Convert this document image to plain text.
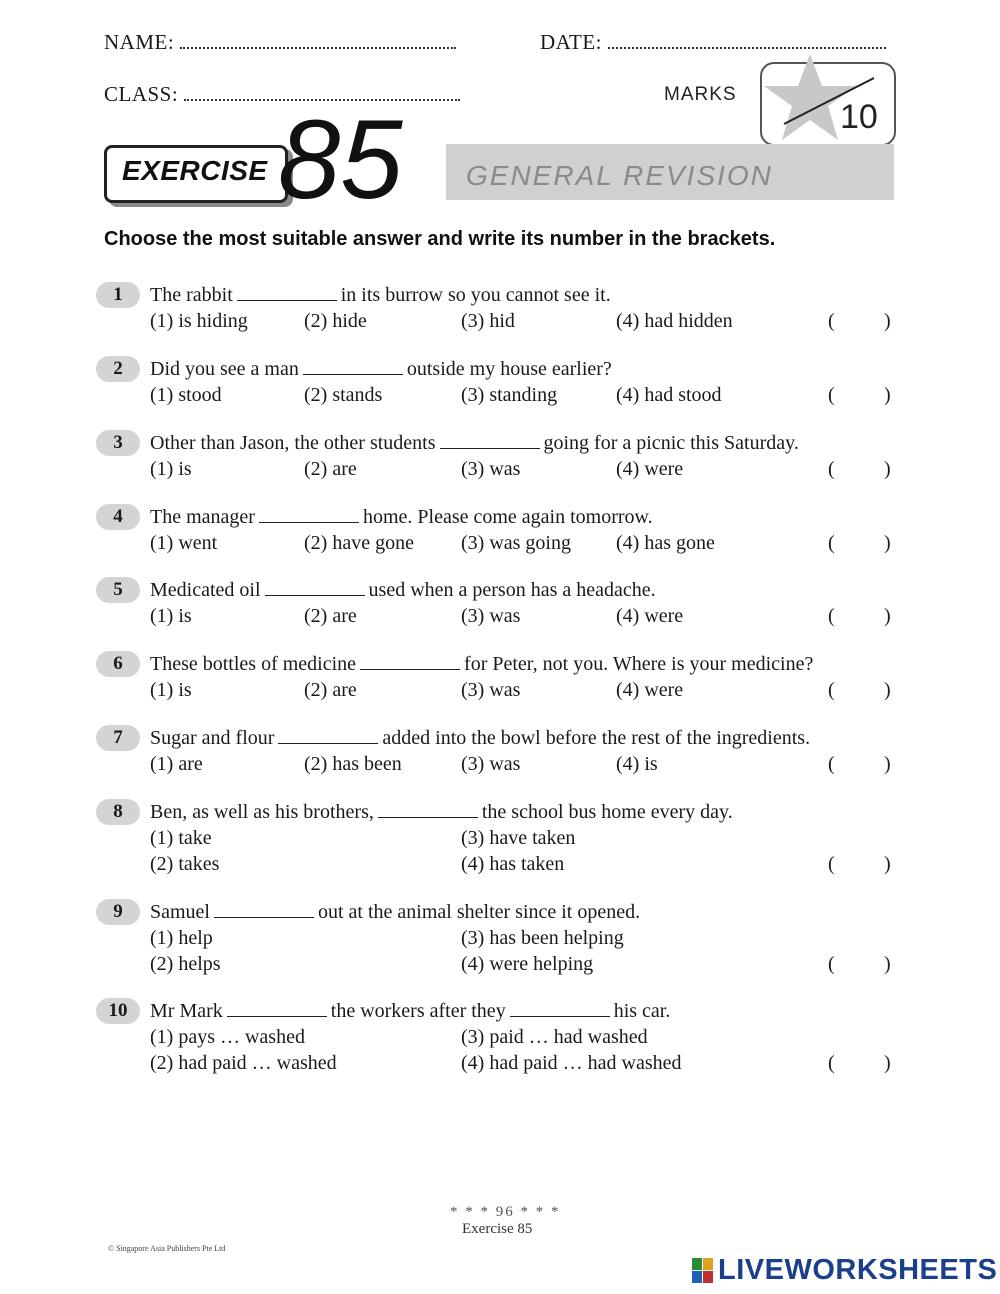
NAME:	DATE:
CLASS:	MARKS
10
EXERCISE 85 GENERAL REVISION
Choose the most suitable answer and write its number in the brackets.
1	The rabbit	in its burrow so you cannot see it.
(1) is hiding	(2) hide	(3) hid	(4) had hidden	( )
2	Did you see a man	outside my house earlier?
(1) stood	(2) stands	(3) standing	(4) had stood	( )
3	Other than Jason, the other students	going for a picnic this Saturday.
(1) is	(2) are	(3) was	(4) were	( )
4	The manager	home. Please come again tomorrow.
(1) went	(2) have gone (3) was going (4) has gone	( )
5	Medicated oil	used when a person has a headache.
(1) is	(2) are	(3) was	(4) were	( )
6	These bottles of medicine	for Peter, not you. Where is your medicine?
(1) is	(2) are	(3) was	(4) were	( )
7	Sugar and flour	added into the bowl before the rest of the ingredients.
(1) are	(2) has been	(3) was	(4) is	( )
8	Ben, as well as his brothers,	the school bus home every day.
(1) take	(3) have taken
(2) takes	(4) has taken	( )
9	Samuel	out at the animal shelter since it opened.
(1) help	(3) has been helping
(2) helps	(4) were helping	( )
10	Mr Mark	the workers after they	his car.
(1) pays … washed	(3) paid … had washed
(2) had paid … washed	(4) had paid … had washed	( )
* * * 96 * * *
Exercise 85
© Singapore Asia Publishers Pte Ltd
LIVEWORKSHEETS
